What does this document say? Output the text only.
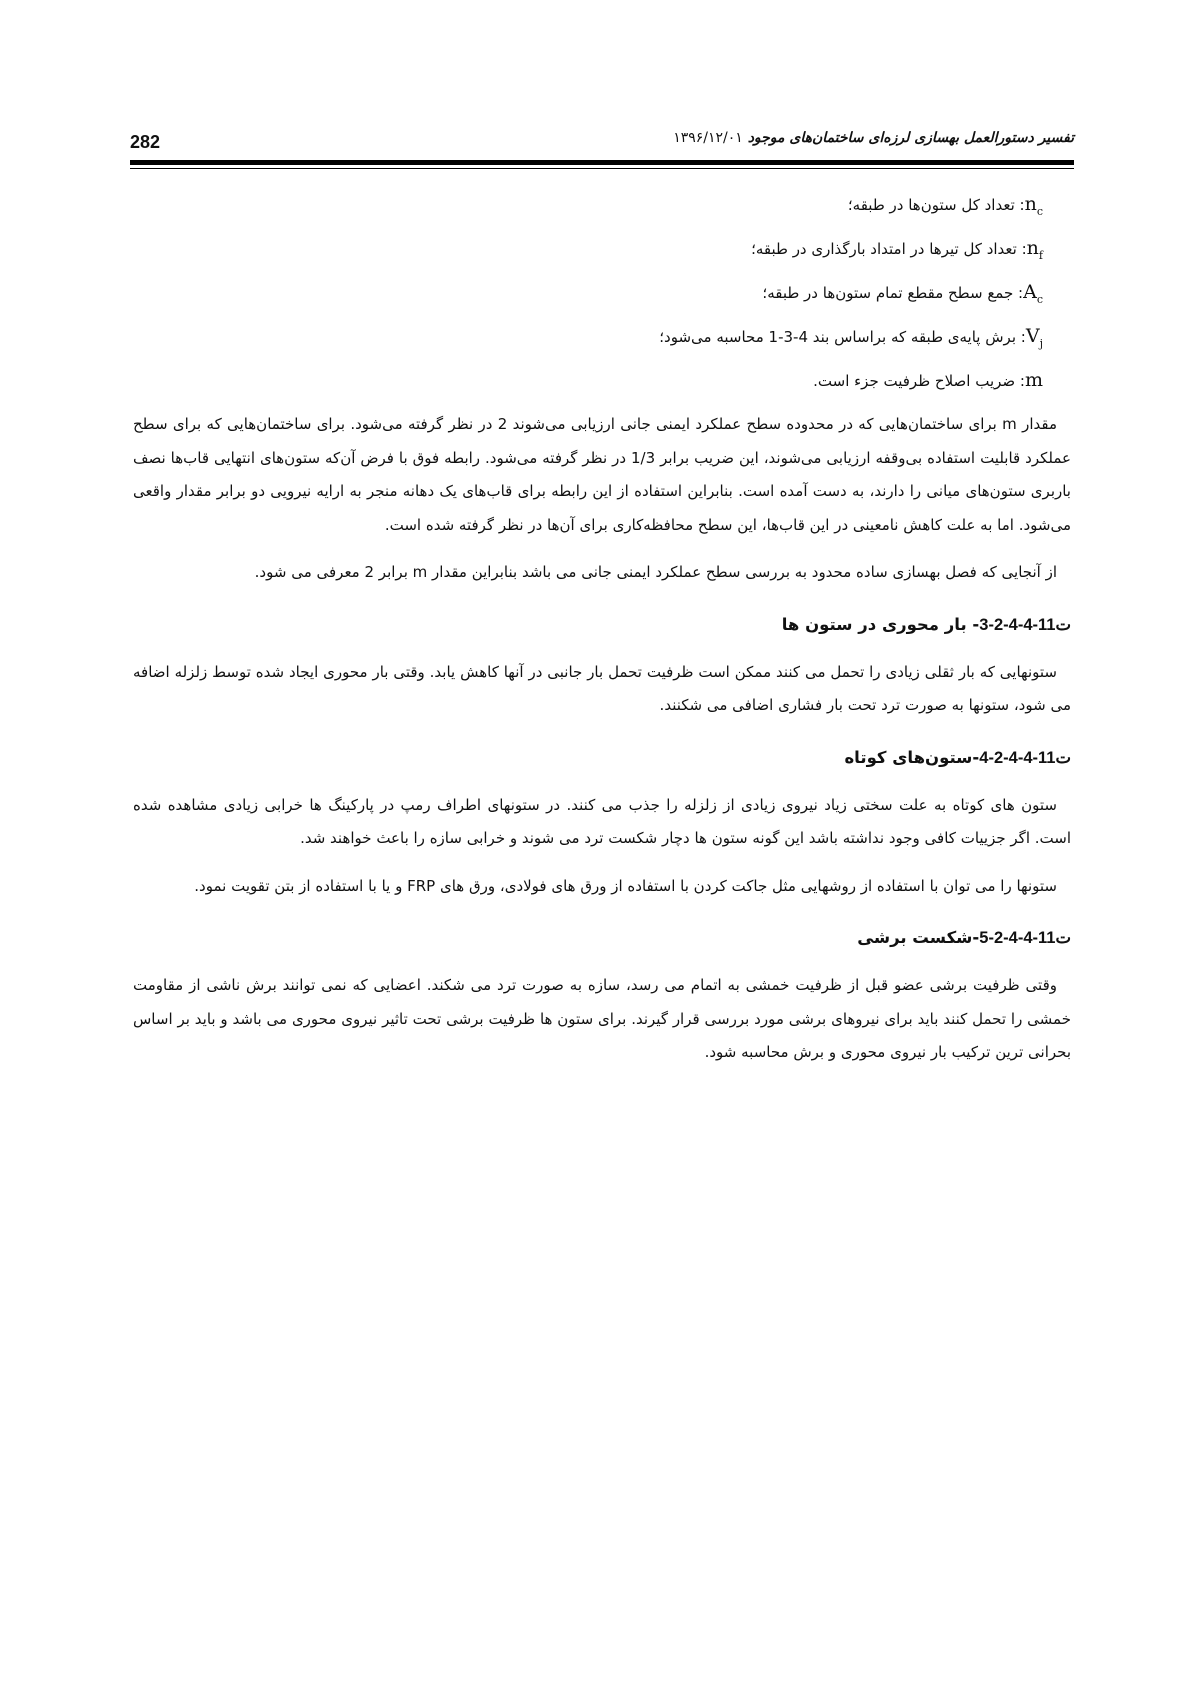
282	تفسیر دستورالعمل بهسازی لرزه‌ای ساختمان‌های موجود ۱۳۹۶/۱۲/۰۱
$n_c$: تعداد کل ستون‌ها در طبقه؛
$n_f$: تعداد کل تیرها در امتداد بارگذاری در طبقه؛
$A_c$: جمع سطح مقطع تمام ستون‌ها در طبقه؛
$V_j$: برش پایه‌ی طبقه که براساس بند 4-3-1 محاسبه می‌شود؛
m: ضریب اصلاح ظرفیت جزء است.

مقدار m برای ساختمان‌هایی که در محدوده سطح عملکرد ایمنی جانی ارزیابی می‌شوند 2 در نظر گرفته می‌شود. برای ساختمان‌هایی که برای سطح عملکرد قابلیت استفاده بی‌وقفه ارزیابی می‌شوند، این ضریب برابر 1/3 در نظر گرفته می‌شود. رابطه فوق با فرض آن‌که ستون‌های انتهایی قاب‌ها نصف باربری ستون‌های میانی را دارند، به دست آمده است. بنابراین استفاده از این رابطه برای قاب‌های یک دهانه منجر به ارایه نیرویی دو برابر مقدار واقعی می‌شود. اما به علت کاهش نامعینی در این قاب‌ها، این سطح محافظه‌کاری برای آن‌ها در نظر گرفته شده است.

از آنجایی که فصل بهسازی ساده محدود به بررسی سطح عملکرد ایمنی جانی می باشد بنابراین مقدار m برابر 2 معرفی می شود.

ت11-4-4-2-3- بار محوری در ستون ها

ستونهایی که بار ثقلی زیادی را تحمل می کنند ممکن است ظرفیت تحمل بار جانبی در آنها کاهش یابد. وقتی بار محوری ایجاد شده توسط زلزله اضافه می شود، ستونها به صورت ترد تحت بار فشاری اضافی می شکنند.

ت11-4-4-2-4-ستون‌های کوتاه

ستون های کوتاه به علت سختی زیاد نیروی زیادی از زلزله را جذب می کنند. در ستونهای اطراف رمپ در پارکینگ ها خرابی زیادی مشاهده شده است. اگر جزییات کافی وجود نداشته باشد این گونه ستون ها دچار شکست ترد می شوند و خرابی سازه را باعث خواهند شد.

ستونها را می توان با استفاده از روشهایی مثل جاکت کردن با استفاده از ورق های فولادی، ورق های FRP و یا با استفاده از بتن تقویت نمود.

ت11-4-4-2-5-شکست برشی

وقتی ظرفیت برشی عضو قبل از ظرفیت خمشی به اتمام می رسد، سازه به صورت ترد می شکند. اعضایی که نمی توانند برش ناشی از مقاومت خمشی را تحمل کنند باید برای نیروهای برشی مورد بررسی قرار گیرند. برای ستون ها ظرفیت برشی تحت تاثیر نیروی محوری می باشد و باید بر اساس بحرانی ترین ترکیب بار نیروی محوری و برش محاسبه شود.
